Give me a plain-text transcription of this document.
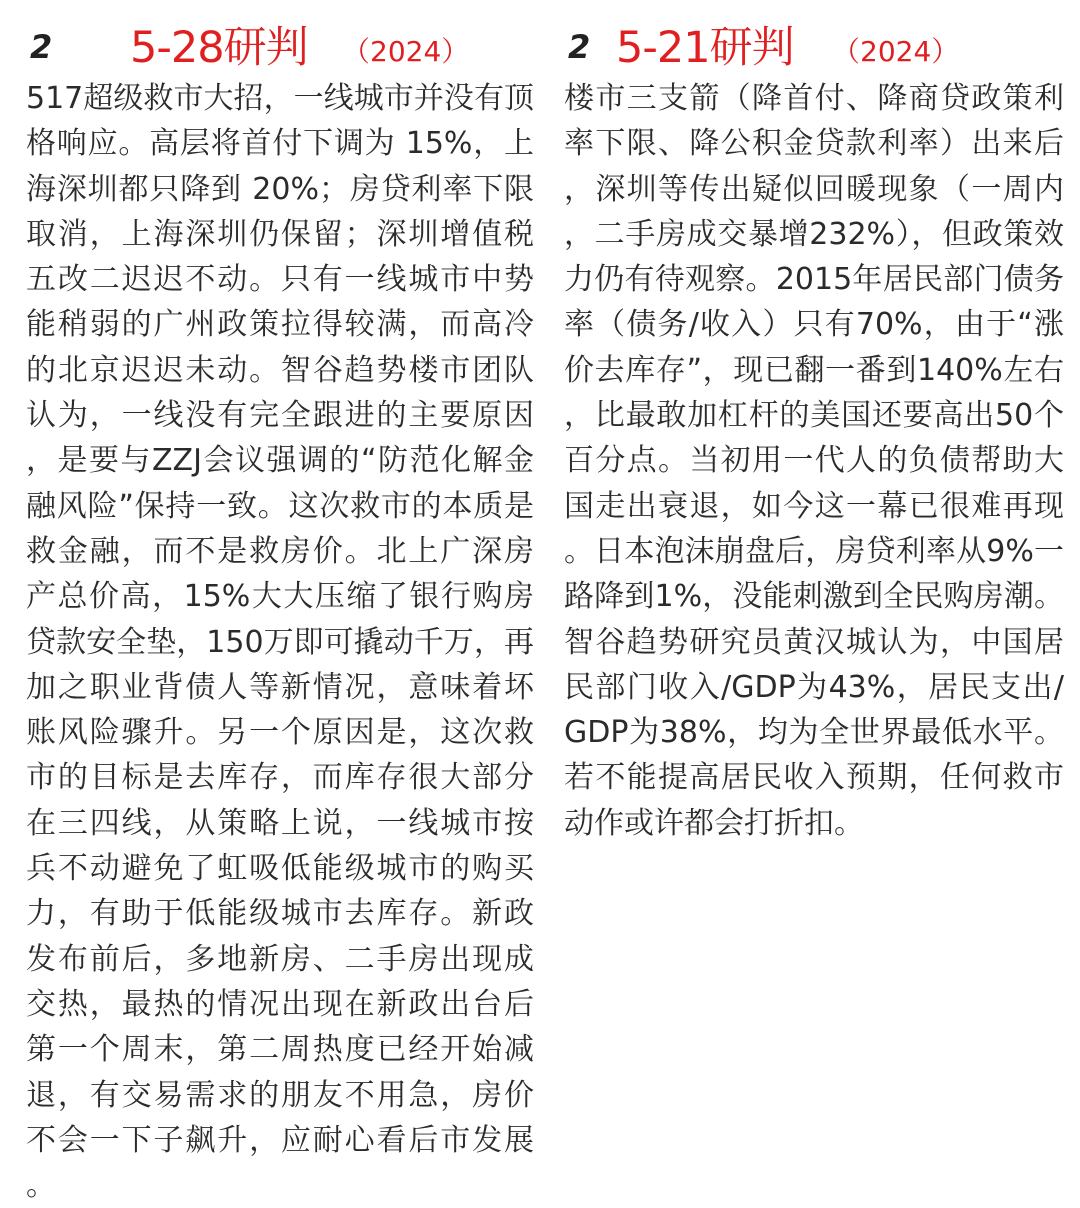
2 5-28研判 （2024）

517超级救市大招，一线城市并没有顶格响应。高层将首付下调为 15%，上海深圳都只降到 20%；房贷利率下限取消，上海深圳仍保留；深圳增值税五改二迟迟不动。只有一线城市中势能稍弱的广州政策拉得较满，而高冷的北京迟迟未动。智谷趋势楼市团队认为，一线没有完全跟进的主要原因，是要与ZZJ会议强调的“防范化解金融风险”保持一致。这次救市的本质是救金融，而不是救房价。北上广深房产总价高，15%大大压缩了银行购房贷款安全垫，150万即可撬动千万，再加之职业背债人等新情况，意味着坏账风险骤升。另一个原因是，这次救市的目标是去库存，而库存很大部分在三四线，从策略上说，一线城市按兵不动避免了虹吸低能级城市的购买力，有助于低能级城市去库存。新政发布前后，多地新房、二手房出现成交热，最热的情况出现在新政出台后第一个周末，第二周热度已经开始减退，有交易需求的朋友不用急，房价不会一下子飙升，应耐心看后市发展。

2 5-21研判 （2024）

楼市三支箭（降首付、降商贷政策利率下限、降公积金贷款利率）出来后，深圳等传出疑似回暖现象（一周内，二手房成交暴增232%），但政策效力仍有待观察。2015年居民部门债务率（债务/收入）只有70%，由于“涨价去库存”，现已翻一番到140%左右，比最敢加杠杆的美国还要高出50个百分点。当初用一代人的负债帮助大国走出衰退，如今这一幕已很难再现。日本泡沫崩盘后，房贷利率从9%一路降到1%，没能刺激到全民购房潮。智谷趋势研究员黄汉城认为，中国居民部门收入/GDP为43%，居民支出/GDP为38%，均为全世界最低水平。若不能提高居民收入预期，任何救市动作或许都会打折扣。
